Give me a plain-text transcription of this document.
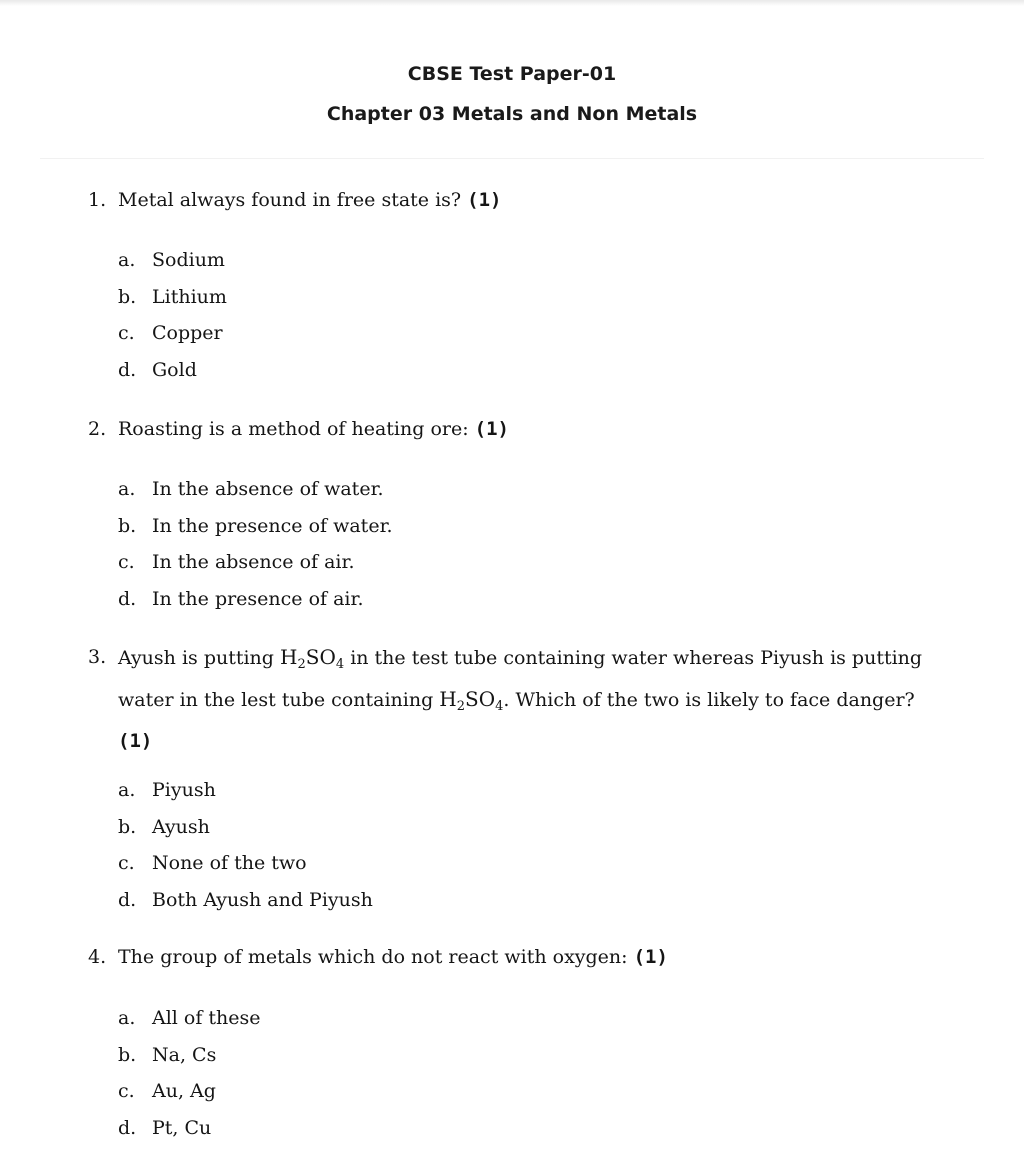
CBSE Test Paper-01
Chapter 03 Metals and Non Metals
1. Metal always found in free state is? (1)
a. Sodium
b. Lithium
c. Copper
d. Gold
2. Roasting is a method of heating ore: (1)
a. In the absence of water.
b. In the presence of water.
c. In the absence of air.
d. In the presence of air.
3. Ayush is putting $H_2SO_4$ in the test tube containing water whereas Piyush is putting water in the lest tube containing $H_2SO_4$. Which of the two is likely to face danger?
(1)
a. Piyush
b. Ayush
c. None of the two
d. Both Ayush and Piyush
4. The group of metals which do not react with oxygen: (1)
a. All of these
b. Na, Cs
c. Au, Ag
d. Pt, Cu
